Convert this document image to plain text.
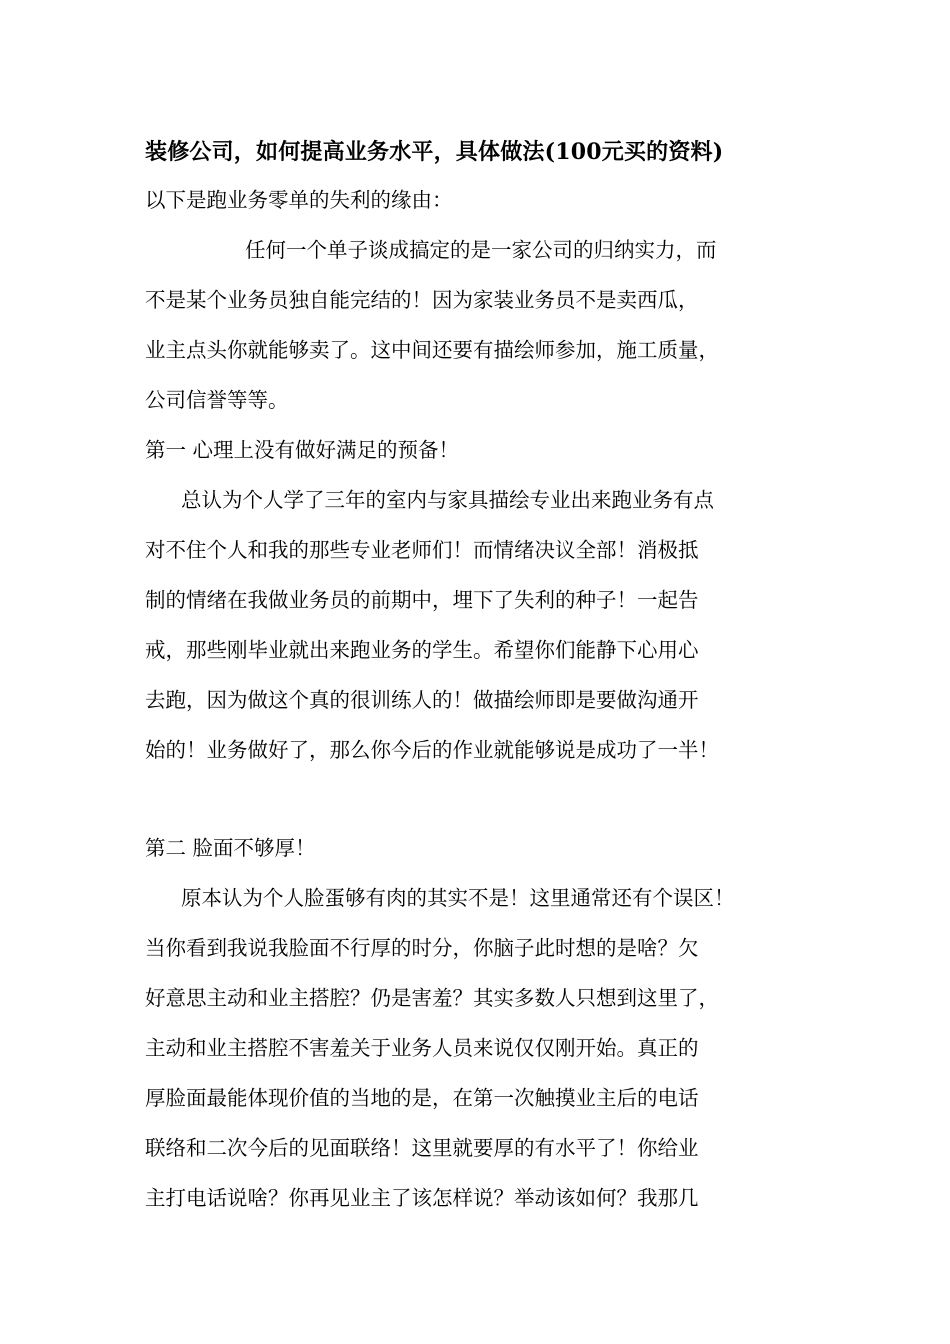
装修公司，如何提高业务水平，具体做法(100元买的资料)
以下是跑业务零单的失利的缘由：
任何一个单子谈成搞定的是一家公司的归纳实力，而
不是某个业务员独自能完结的！因为家装业务员不是卖西瓜，
业主点头你就能够卖了。这中间还要有描绘师参加，施工质量，
公司信誉等等。
第一 心理上没有做好满足的预备！
总认为个人学了三年的室内与家具描绘专业出来跑业务有点
对不住个人和我的那些专业老师们！而情绪决议全部！消极抵
制的情绪在我做业务员的前期中，埋下了失利的种子！一起告
戒，那些刚毕业就出来跑业务的学生。希望你们能静下心用心
去跑，因为做这个真的很训练人的！做描绘师即是要做沟通开
始的！业务做好了，那么你今后的作业就能够说是成功了一半！
第二 脸面不够厚！
原本认为个人脸蛋够有肉的其实不是！这里通常还有个误区！
当你看到我说我脸面不行厚的时分，你脑子此时想的是啥？欠
好意思主动和业主搭腔？仍是害羞？其实多数人只想到这里了，
主动和业主搭腔不害羞关于业务人员来说仅仅刚开始。真正的
厚脸面最能体现价值的当地的是，在第一次触摸业主后的电话
联络和二次今后的见面联络！这里就要厚的有水平了！你给业
主打电话说啥？你再见业主了该怎样说？举动该如何？我那几
